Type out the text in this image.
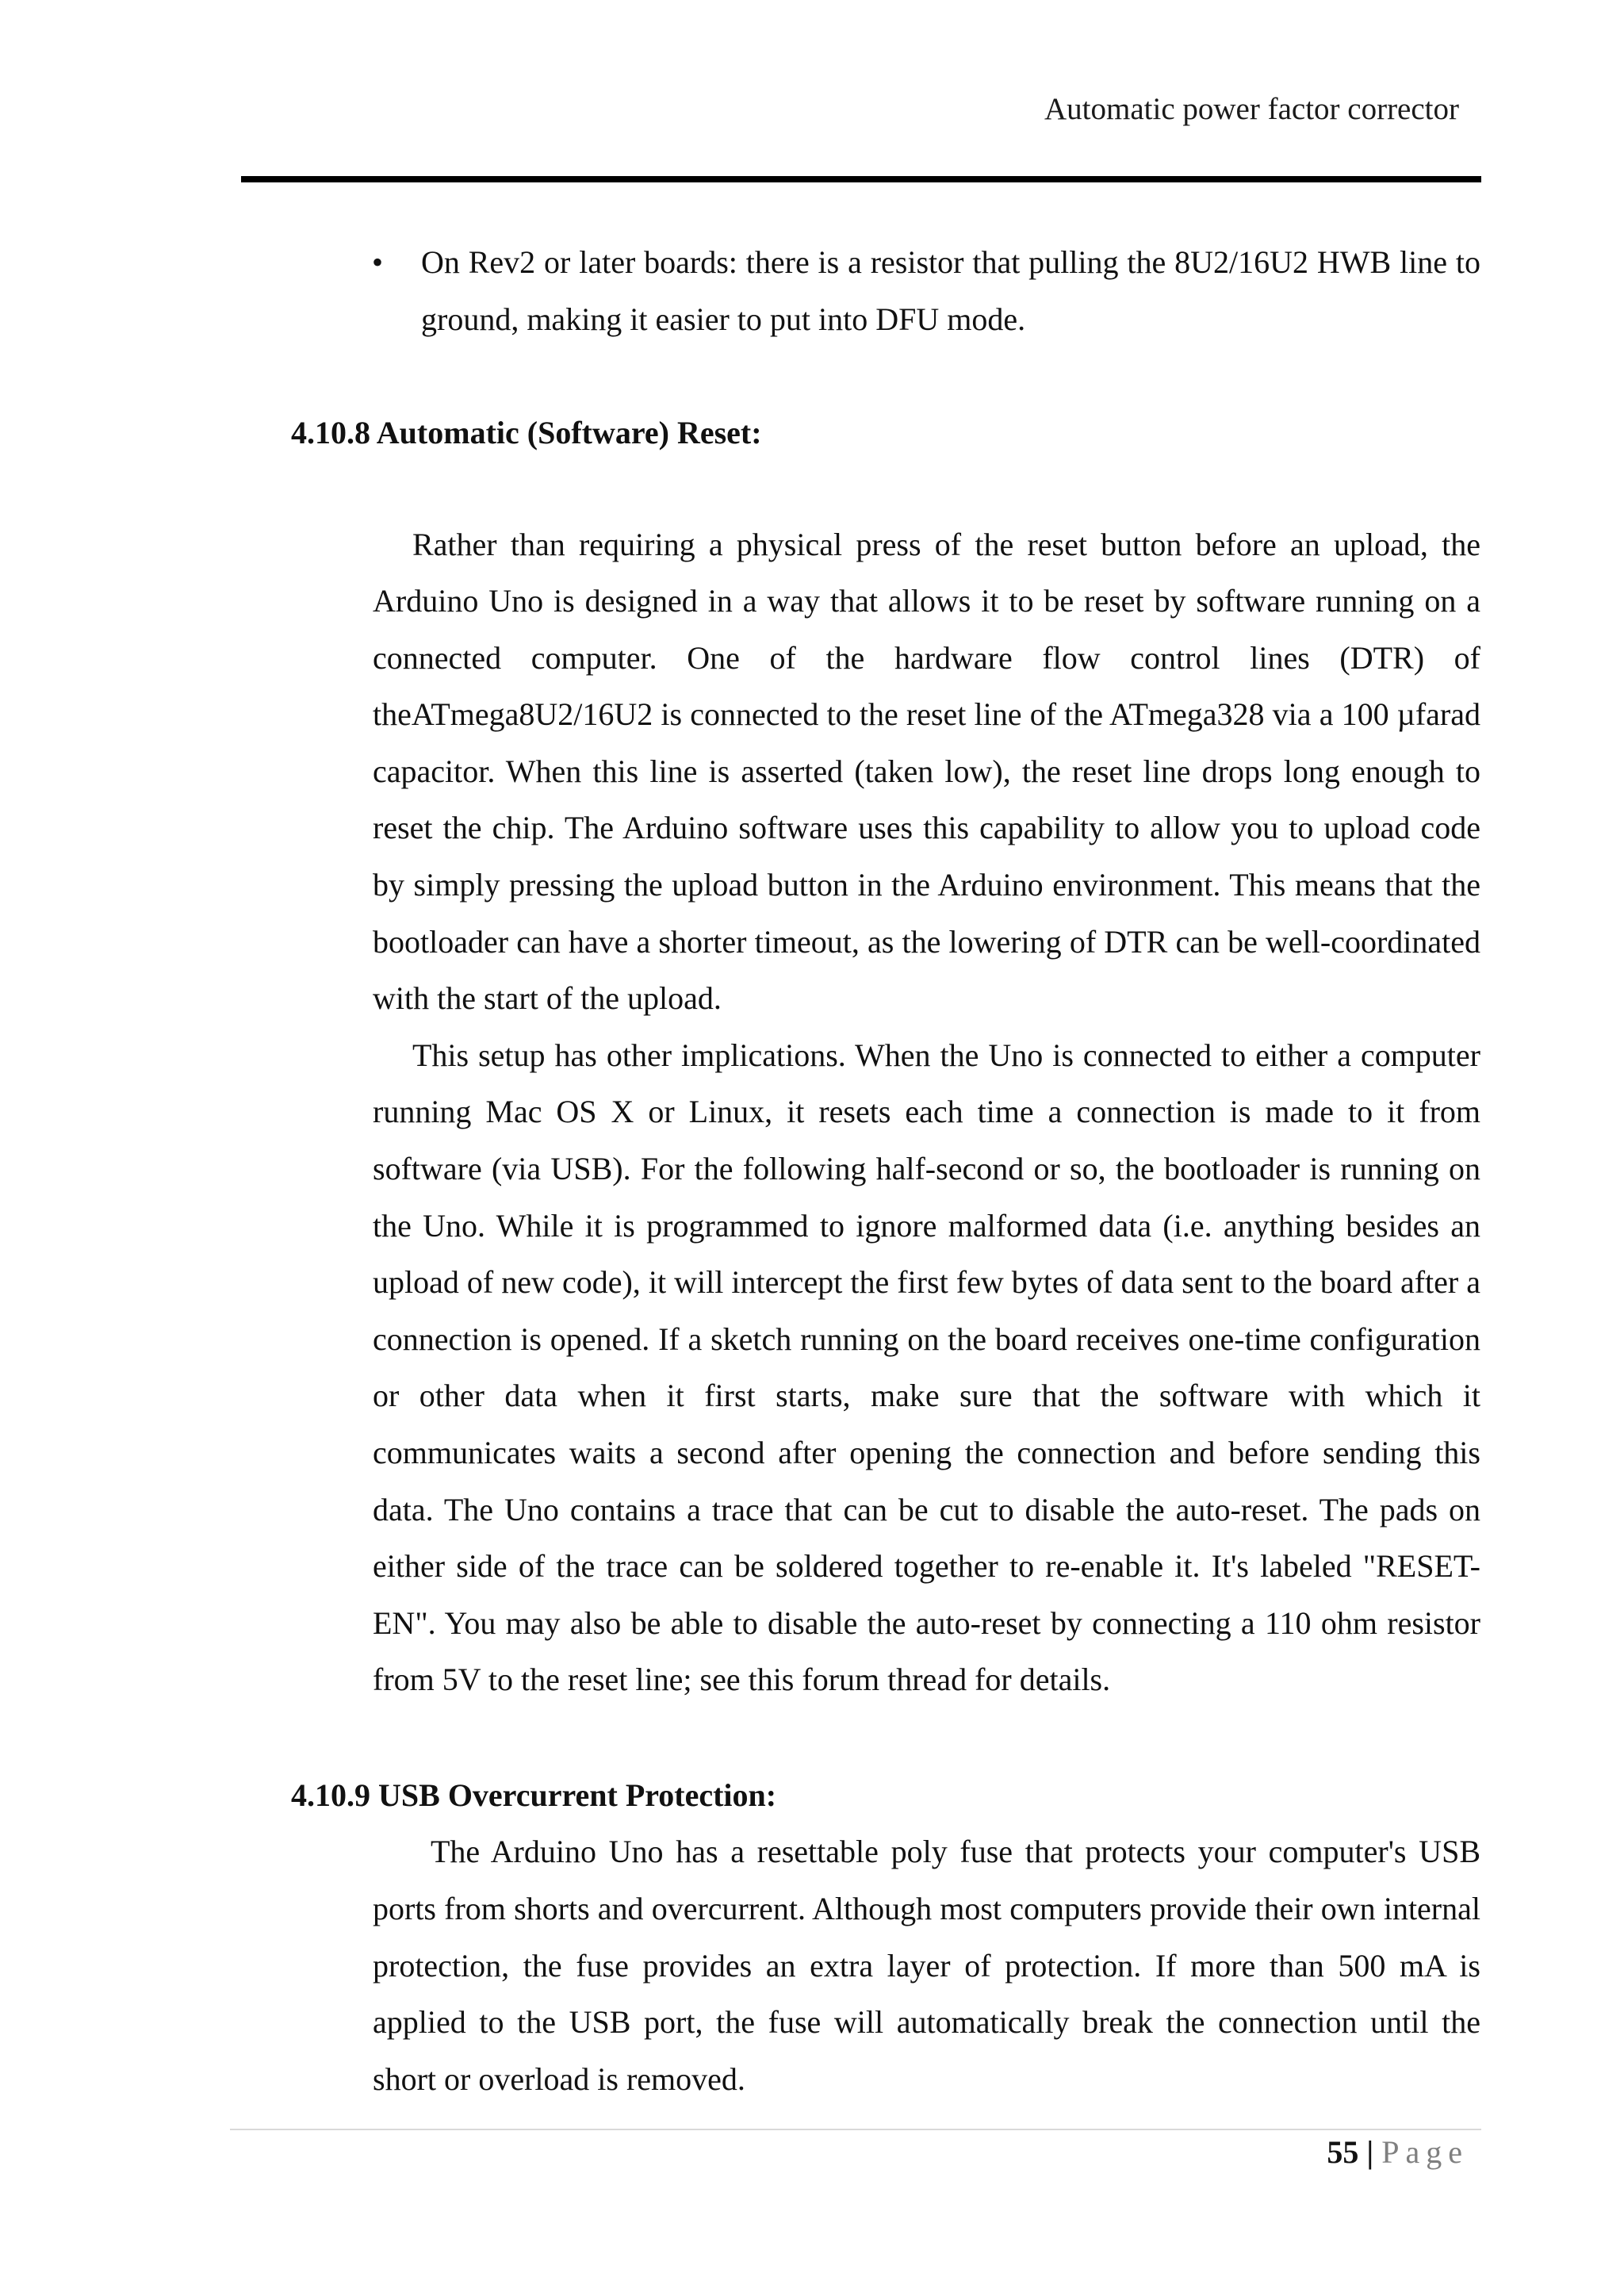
Automatic power factor corrector
• On Rev2 or later boards: there is a resistor that pulling the 8U2/16U2 HWB line to ground, making it easier to put into DFU mode.
4.10.8 Automatic (Software) Reset:

Rather than requiring a physical press of the reset button before an upload, the Arduino Uno is designed in a way that allows it to be reset by software running on a connected computer. One of the hardware flow control lines (DTR) of theATmega8U2/16U2 is connected to the reset line of the ATmega328 via a 100 µfarad capacitor. When this line is asserted (taken low), the reset line drops long enough to reset the chip. The Arduino software uses this capability to allow you to upload code by simply pressing the upload button in the Arduino environment. This means that the bootloader can have a shorter timeout, as the lowering of DTR can be well-coordinated with the start of the upload.

This setup has other implications. When the Uno is connected to either a computer running Mac OS X or Linux, it resets each time a connection is made to it from software (via USB). For the following half-second or so, the bootloader is running on the Uno. While it is programmed to ignore malformed data (i.e. anything besides an upload of new code), it will intercept the first few bytes of data sent to the board after a connection is opened. If a sketch running on the board receives one-time configuration or other data when it first starts, make sure that the software with which it communicates waits a second after opening the connection and before sending this data. The Uno contains a trace that can be cut to disable the auto-reset. The pads on either side of the trace can be soldered together to re-enable it. It's labeled "RESET-EN". You may also be able to disable the auto-reset by connecting a 110 ohm resistor from 5V to the reset line; see this forum thread for details.

4.10.9 USB Overcurrent Protection:

The Arduino Uno has a resettable poly fuse that protects your computer's USB ports from shorts and overcurrent. Although most computers provide their own internal protection, the fuse provides an extra layer of protection. If more than 500 mA is applied to the USB port, the fuse will automatically break the connection until the short or overload is removed.

55 | Page
